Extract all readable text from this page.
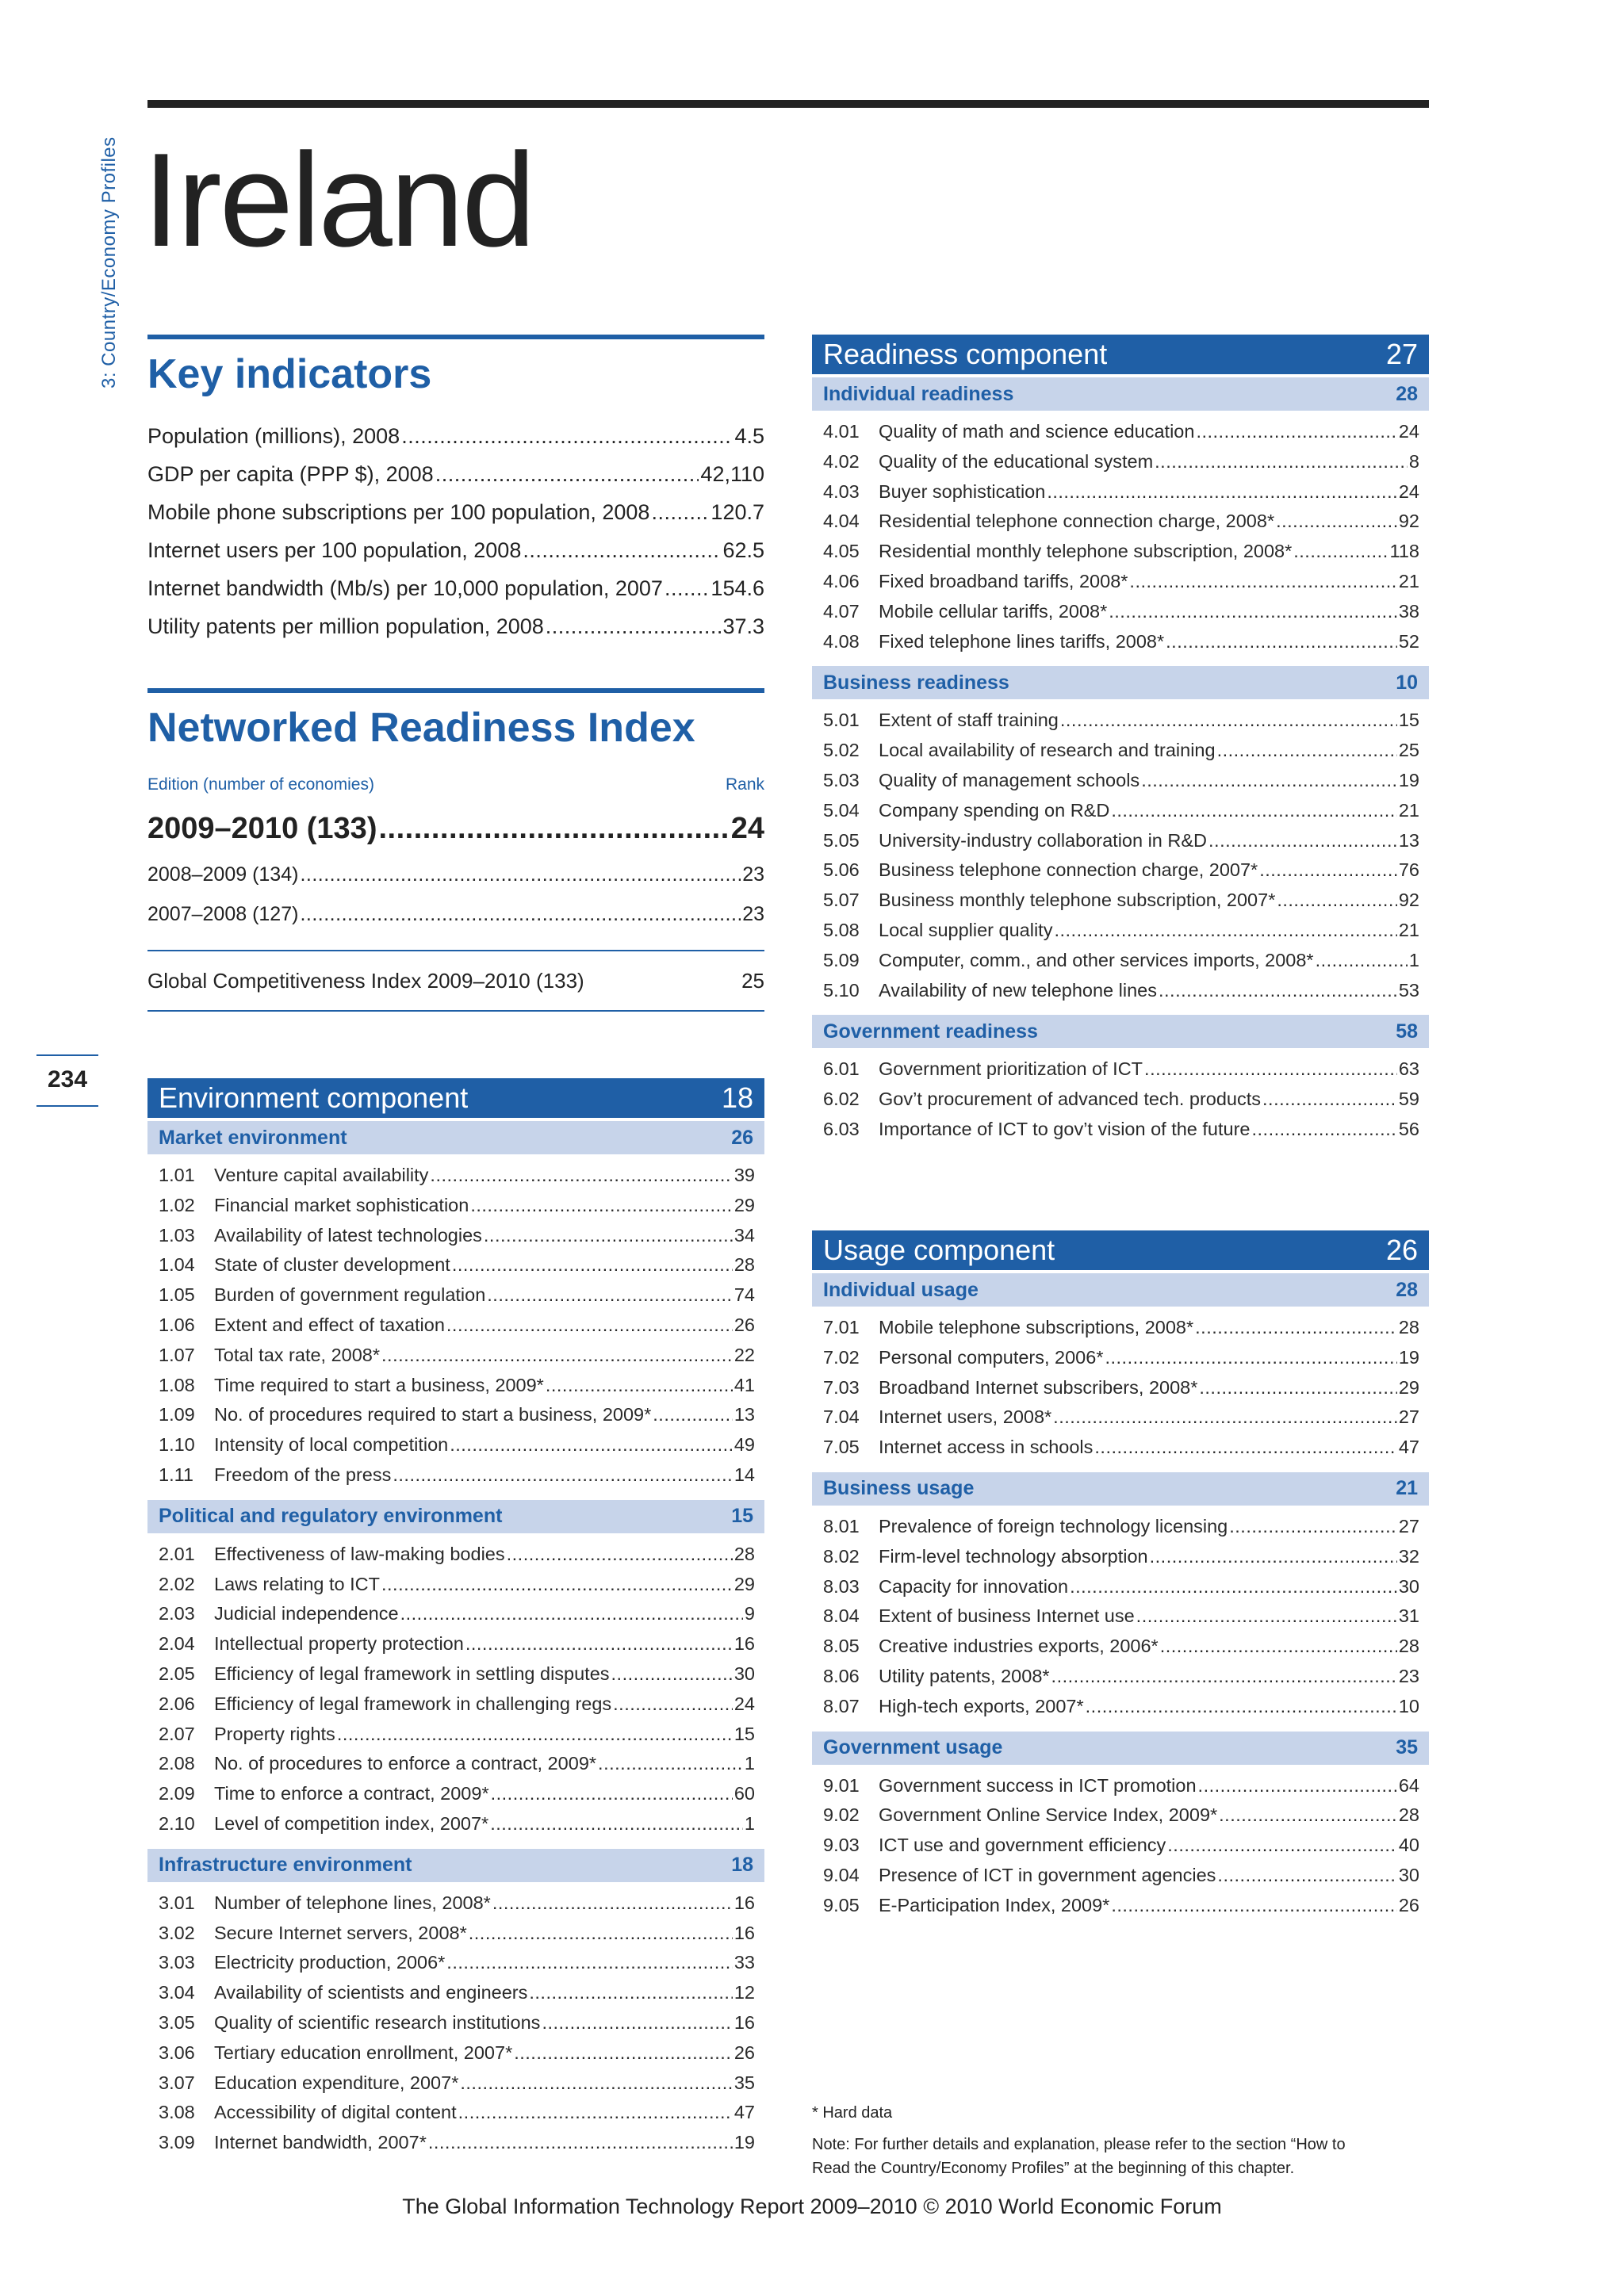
3: Country/Economy Profiles
234
Ireland
Key indicators
Population (millions), 2008 .....	4.5
GDP per capita (PPP $), 2008 .....	42,110
Mobile phone subscriptions per 100 population, 2008 .....	120.7
Internet users per 100 population, 2008 .....	62.5
Internet bandwidth (Mb/s) per 10,000 population, 2007 ..... 154.6
Utility patents per million population, 2008 .....	37.3
Networked Readiness Index
Edition (number of economies)	Rank
2009–2010 (133) .....	24
2008–2009 (134) .....	23
2007–2008 (127) .....	23
Global Competitiveness Index 2009–2010 (133)	25
Environment component	18
Market environment	26
1.01	Venture capital availability .....	39
1.02	Financial market sophistication .....	29
1.03	Availability of latest technologies .....	34
1.04	State of cluster development .....	28
1.05	Burden of government regulation .....	74
1.06	Extent and effect of taxation .....	26
1.07	Total tax rate, 2008* .....	22
1.08	Time required to start a business, 2009* .....	41
1.09	No. of procedures required to start a business, 2009* .....	13
1.10	Intensity of local competition .....	49
1.11	Freedom of the press .....	14
Political and regulatory environment	15
2.01	Effectiveness of law-making bodies .....	28
2.02	Laws relating to ICT .....	29
2.03	Judicial independence .....	9
2.04	Intellectual property protection .....	16
2.05	Efficiency of legal framework in settling disputes .....	30
2.06	Efficiency of legal framework in challenging regs .....	24
2.07	Property rights .....	15
2.08	No. of procedures to enforce a contract, 2009* .....	1
2.09	Time to enforce a contract, 2009* .....	60
2.10	Level of competition index, 2007* .....	1
Infrastructure environment	18
3.01	Number of telephone lines, 2008* .....	16
3.02	Secure Internet servers, 2008* .....	16
3.03	Electricity production, 2006* .....	33
3.04	Availability of scientists and engineers .....	12
3.05	Quality of scientific research institutions .....	16
3.06	Tertiary education enrollment, 2007* .....	26
3.07	Education expenditure, 2007* .....	35
3.08	Accessibility of digital content .....	47
3.09	Internet bandwidth, 2007* .....	19
Readiness component	27
Individual readiness	28
4.01	Quality of math and science education .....	24
4.02	Quality of the educational system .....	8
4.03	Buyer sophistication .....	24
4.04	Residential telephone connection charge, 2008* .....	92
4.05	Residential monthly telephone subscription, 2008* .....	118
4.06	Fixed broadband tariffs, 2008* .....	21
4.07	Mobile cellular tariffs, 2008* .....	38
4.08	Fixed telephone lines tariffs, 2008* .....	52
Business readiness	10
5.01	Extent of staff training .....	15
5.02	Local availability of research and training .....	25
5.03	Quality of management schools .....	19
5.04	Company spending on R&D .....	21
5.05	University-industry collaboration in R&D .....	13
5.06	Business telephone connection charge, 2007* .....	76
5.07	Business monthly telephone subscription, 2007* .....	92
5.08	Local supplier quality .....	21
5.09	Computer, comm., and other services imports, 2008* .....	1
5.10	Availability of new telephone lines .....	53
Government readiness	58
6.01	Government prioritization of ICT .....	63
6.02	Gov’t procurement of advanced tech. products .....	59
6.03	Importance of ICT to gov’t vision of the future .....	56
Usage component	26
Individual usage	28
7.01	Mobile telephone subscriptions, 2008* .....	28
7.02	Personal computers, 2006* .....	19
7.03	Broadband Internet subscribers, 2008* .....	29
7.04	Internet users, 2008* .....	27
7.05	Internet access in schools .....	47
Business usage	21
8.01	Prevalence of foreign technology licensing .....	27
8.02	Firm-level technology absorption .....	32
8.03	Capacity for innovation .....	30
8.04	Extent of business Internet use .....	31
8.05	Creative industries exports, 2006* .....	28
8.06	Utility patents, 2008* .....	23
8.07	High-tech exports, 2007* .....	10
Government usage	35
9.01	Government success in ICT promotion .....	64
9.02	Government Online Service Index, 2009* .....	28
9.03	ICT use and government efficiency .....	40
9.04	Presence of ICT in government agencies .....	30
9.05	E-Participation Index, 2009* .....	26
* Hard data
Note: For further details and explanation, please refer to the section “How to
Read the Country/Economy Profiles” at the beginning of this chapter.
The Global Information Technology Report 2009–2010 © 2010 World Economic Forum
